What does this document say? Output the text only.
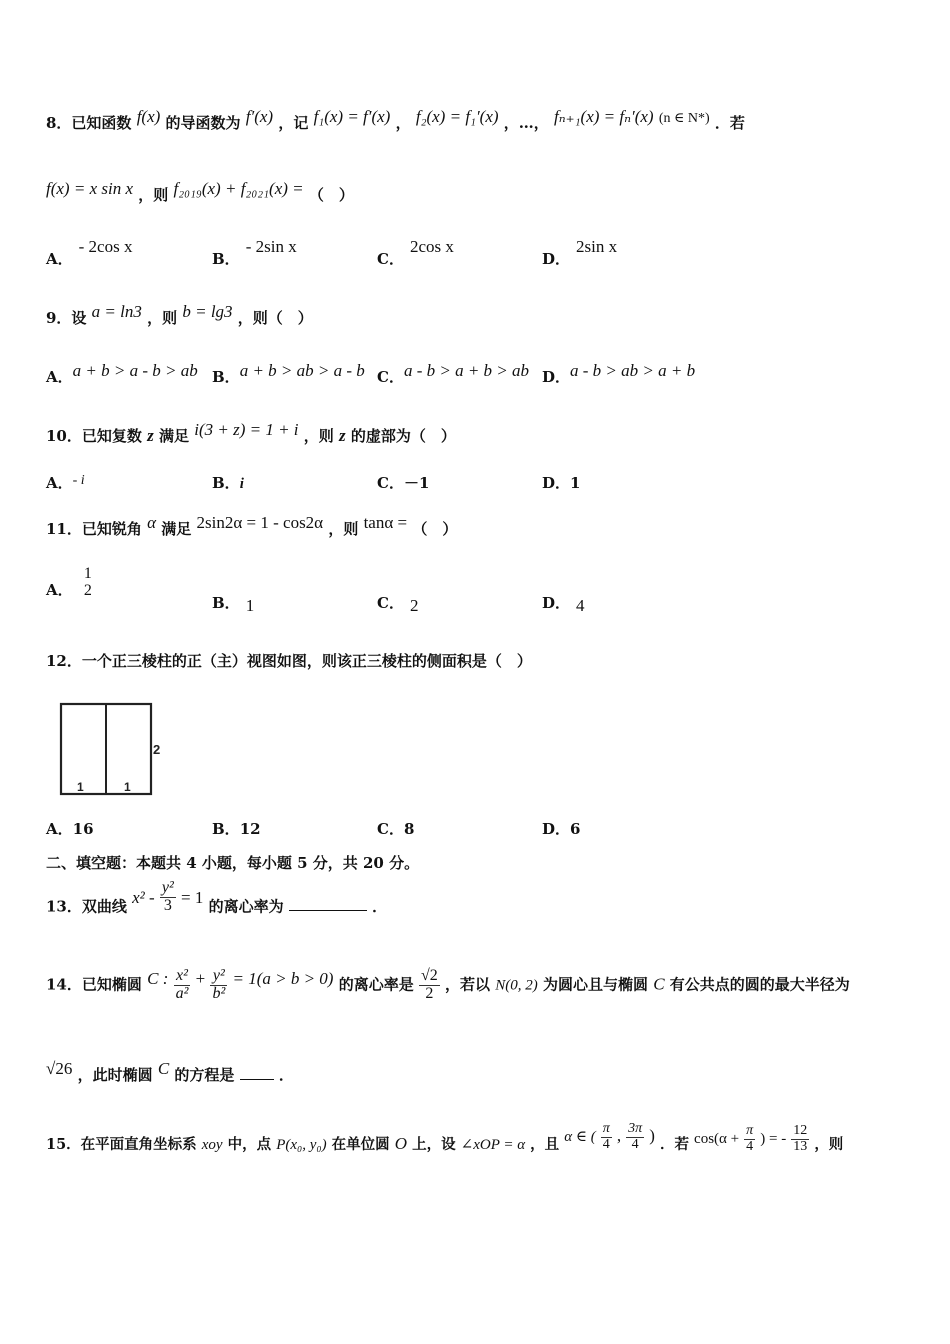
8．已知函数 f(x) 的导函数为 f′(x) ，记 f₁(x) = f′(x) ， f₂(x) = f₁′(x) ，…， fₙ₊₁(x) = fₙ′(x) (n ∈ N*) ．若
f(x) = x sin x ，则 f₂₀₁₉(x) + f₂₀₂₁(x) = （　）
A．- 2cos x
B．- 2sin x
C．2cos x
D．2sin x
9．设 a = ln3 ，则 b = lg3 ，则（　）
A．a + b > a - b > ab B．a + b > ab > a - b C．a - b > a + b > ab D．a - b > ab > a + b
10．已知复数 z 满足 i(3 + z) = 1 + i ，则 z 的虚部为（　）
A．- i	B．i	C．－1	D．1
11．已知锐角 α 满足 2sin2α = 1 - cos2α ，则 tanα = （　）
A．
1
2
B． 1	C． 2	D． 4
12．一个正三棱柱的正（主）视图如图，则该正三棱柱的侧面积是（　）
2
1	1
A．16	B．12	C．8	D．6
二、填空题：本题共 4 小题，每小题 5 分，共 20 分。
13．双曲线 $x^2 - \frac{\text{y²}}{3} = 1$ 的离心率为	．
14．已知椭圆 C : $\frac{\text{x²}}{\text{a²}} + \frac{\text{y²}}{\text{b²}} = 1(a > b > 0)$ 的离心率是 $\frac{√2}{2}$ ，若以 N(0, 2) 为圆心且与椭圆 C 有公共点的圆的最大半径为
√26 ，此时椭圆 C 的方程是	．
15．在平面直角坐标系 xoy 中，点 P(x₀, y₀) 在单位圆 O 上，设 ∠xOP = α ，且 α ∈ ( $\frac{\pi}{4}$ , $\frac{3\pi}{4}$ ) ．若 $\cos(\alpha + \frac{\pi}{4}$ ) = - $\frac{12}{13}$ ，则
